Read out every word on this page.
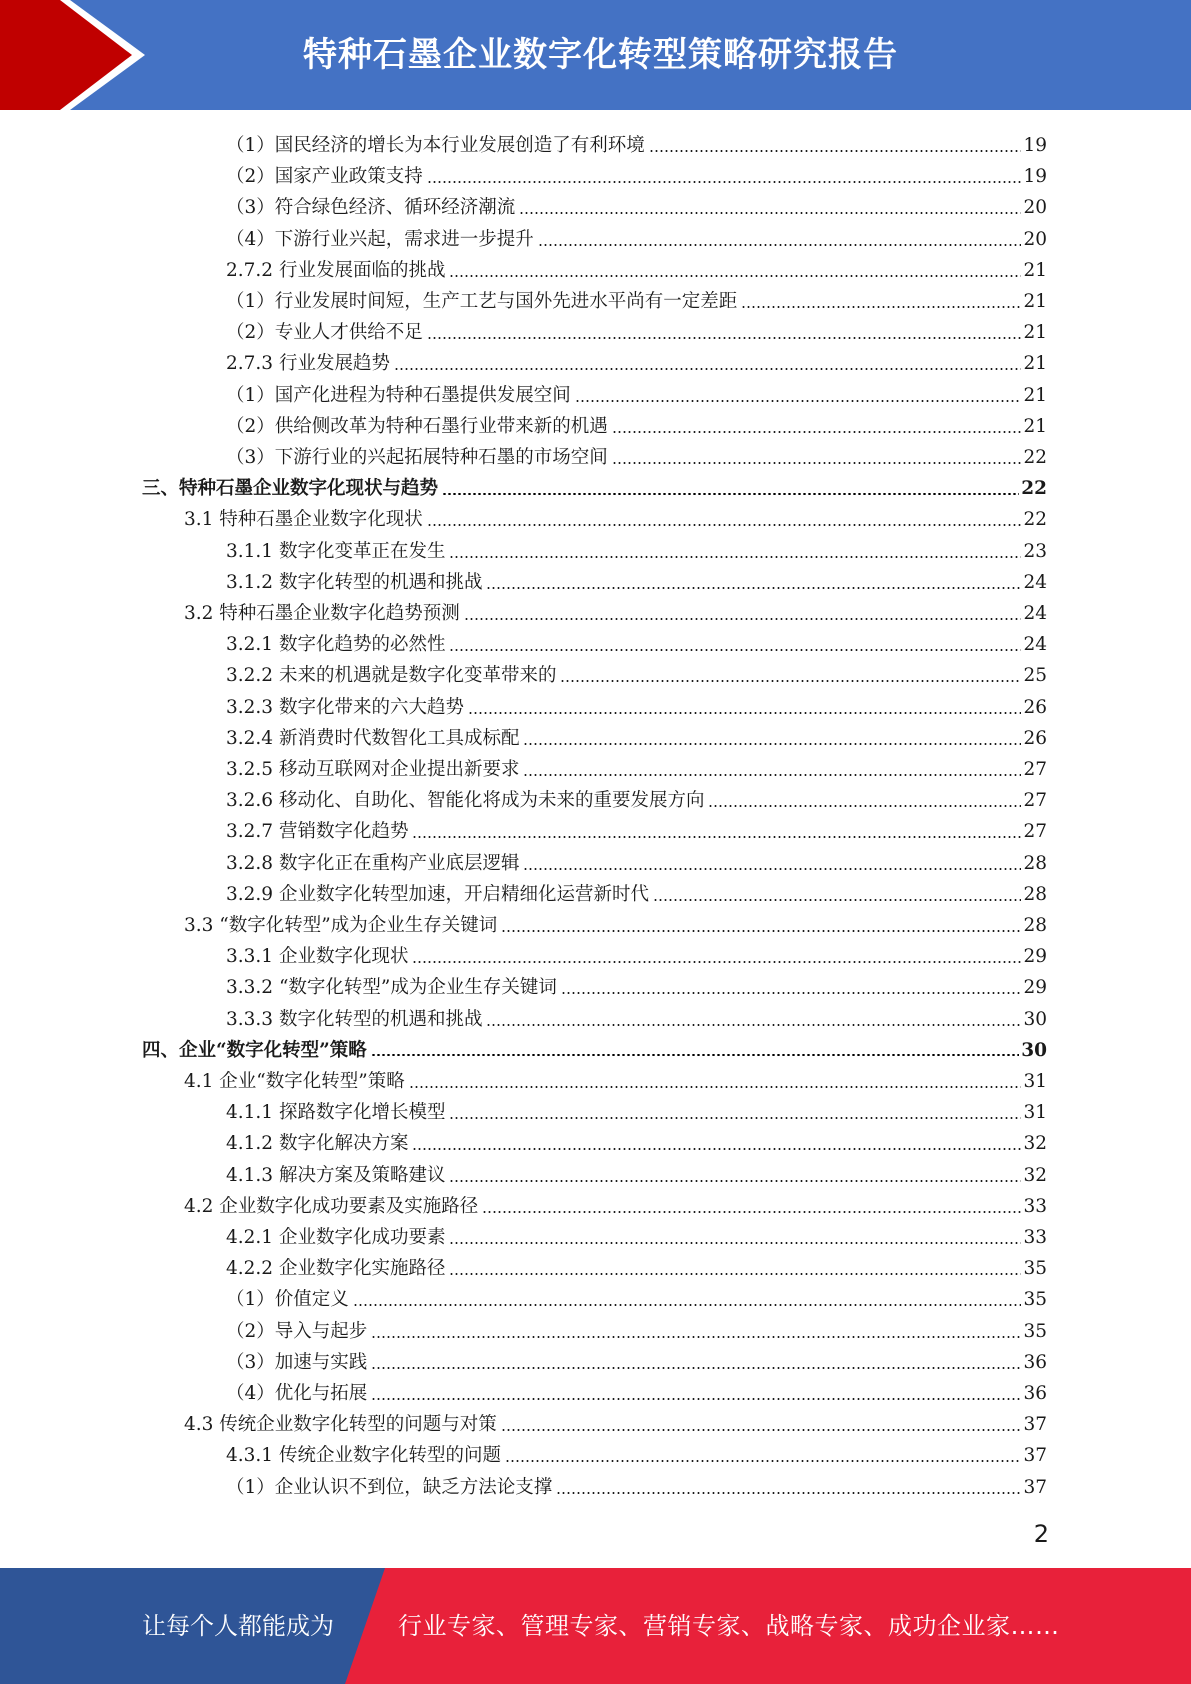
特种石墨企业数字化转型策略研究报告
（1）国民经济的增长为本行业发展创造了有利环境	19
（2）国家产业政策支持	19
（3）符合绿色经济、循环经济潮流	20
（4）下游行业兴起，需求进一步提升	20
2.7.2 行业发展面临的挑战	21
（1）行业发展时间短，生产工艺与国外先进水平尚有一定差距	21
（2）专业人才供给不足	21
2.7.3 行业发展趋势	21
（1）国产化进程为特种石墨提供发展空间	21
（2）供给侧改革为特种石墨行业带来新的机遇	21
（3）下游行业的兴起拓展特种石墨的市场空间	22
三、特种石墨企业数字化现状与趋势	22
3.1 特种石墨企业数字化现状	22
3.1.1 数字化变革正在发生	23
3.1.2 数字化转型的机遇和挑战	24
3.2 特种石墨企业数字化趋势预测	24
3.2.1 数字化趋势的必然性	24
3.2.2 未来的机遇就是数字化变革带来的	25
3.2.3 数字化带来的六大趋势	26
3.2.4 新消费时代数智化工具成标配	26
3.2.5 移动互联网对企业提出新要求	27
3.2.6 移动化、自助化、智能化将成为未来的重要发展方向	27
3.2.7 营销数字化趋势	27
3.2.8 数字化正在重构产业底层逻辑	28
3.2.9 企业数字化转型加速，开启精细化运营新时代	28
3.3 “数字化转型”成为企业生存关键词	28
3.3.1 企业数字化现状	29
3.3.2 “数字化转型”成为企业生存关键词	29
3.3.3 数字化转型的机遇和挑战	30
四、企业“数字化转型”策略	30
4.1 企业“数字化转型”策略	31
4.1.1 探路数字化增长模型	31
4.1.2 数字化解决方案	32
4.1.3 解决方案及策略建议	32
4.2 企业数字化成功要素及实施路径	33
4.2.1 企业数字化成功要素	33
4.2.2 企业数字化实施路径	35
（1）价值定义	35
（2）导入与起步	35
（3）加速与实践	36
（4）优化与拓展	36
4.3 传统企业数字化转型的问题与对策	37
4.3.1 传统企业数字化转型的问题	37
（1）企业认识不到位，缺乏方法论支撑	37
2
让每个人都能成为	行业专家、管理专家、营销专家、战略专家、成功企业家……
